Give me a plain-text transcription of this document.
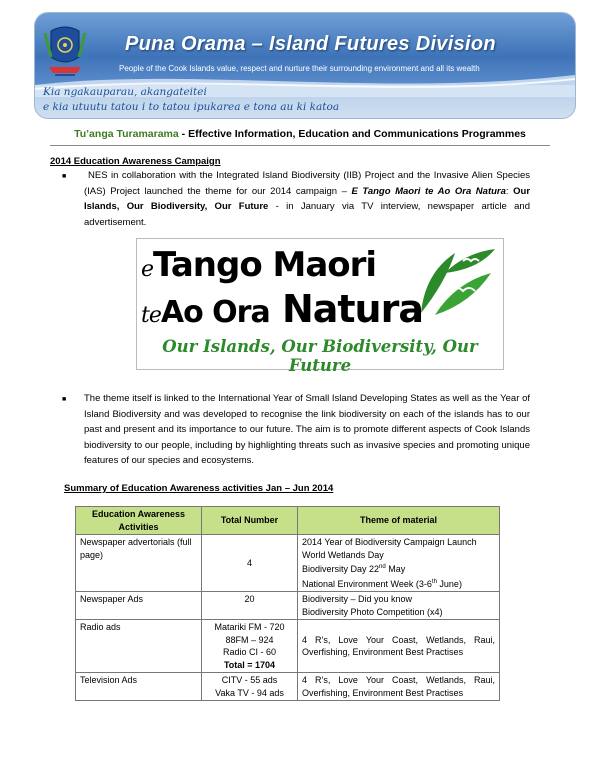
Puna Orama – Island Futures Division
People of the Cook Islands value, respect and nurture their surrounding environment and all its wealth
Kia ngakauparau, akangateitei
e kia utuutu tatou i to tatou ipukarea e tona au ki katoa
Tu’anga Turamarama - Effective Information, Education and Communications Programmes
2014 Education Awareness Campaign
■	NES in collaboration with the Integrated Island Biodiversity (IIB) Project and the Invasive Alien Species (IAS) Project launched the theme for our 2014 campaign – E Tango Maori te Ao Ora Natura: Our Islands, Our Biodiversity, Our Future - in January via TV interview, newspaper article and advertisement.
eTango Maori
teAo Ora Natura
Our Islands, Our Biodiversity, Our Future
■ The theme itself is linked to the International Year of Small Island Developing States as well as the Year of Island Biodiversity and was developed to recognise the link biodiversity on each of the islands has to our past and present and its importance to our future. The aim is to promote different aspects of Cook Islands biodiversity to our people, including by highlighting threats such as invasive species and promoting unique features of our species and ecosystems.
Summary of Education Awareness activities Jan – Jun 2014
Education Awareness Activities	Total Number	Theme of material
Newspaper advertorials (full page)	4	2014 Year of Biodiversity Campaign Launch
World Wetlands Day
Biodiversity Day 22nd May
National Environment Week (3-6th June)

Newspaper Ads	20	Biodiversity – Did you know
Biodiversity Photo Competition (x4)

Radio ads	Matariki FM - 720
88FM – 924
Radio CI - 60
Total = 1704	4 R’s, Love Your Coast, Wetlands, Raui, Overfishing, Environment Best Practises
Television Ads	CITV - 55 ads
Vaka TV - 94 ads	4 R’s, Love Your Coast, Wetlands, Raui, Overfishing, Environment Best Practises
